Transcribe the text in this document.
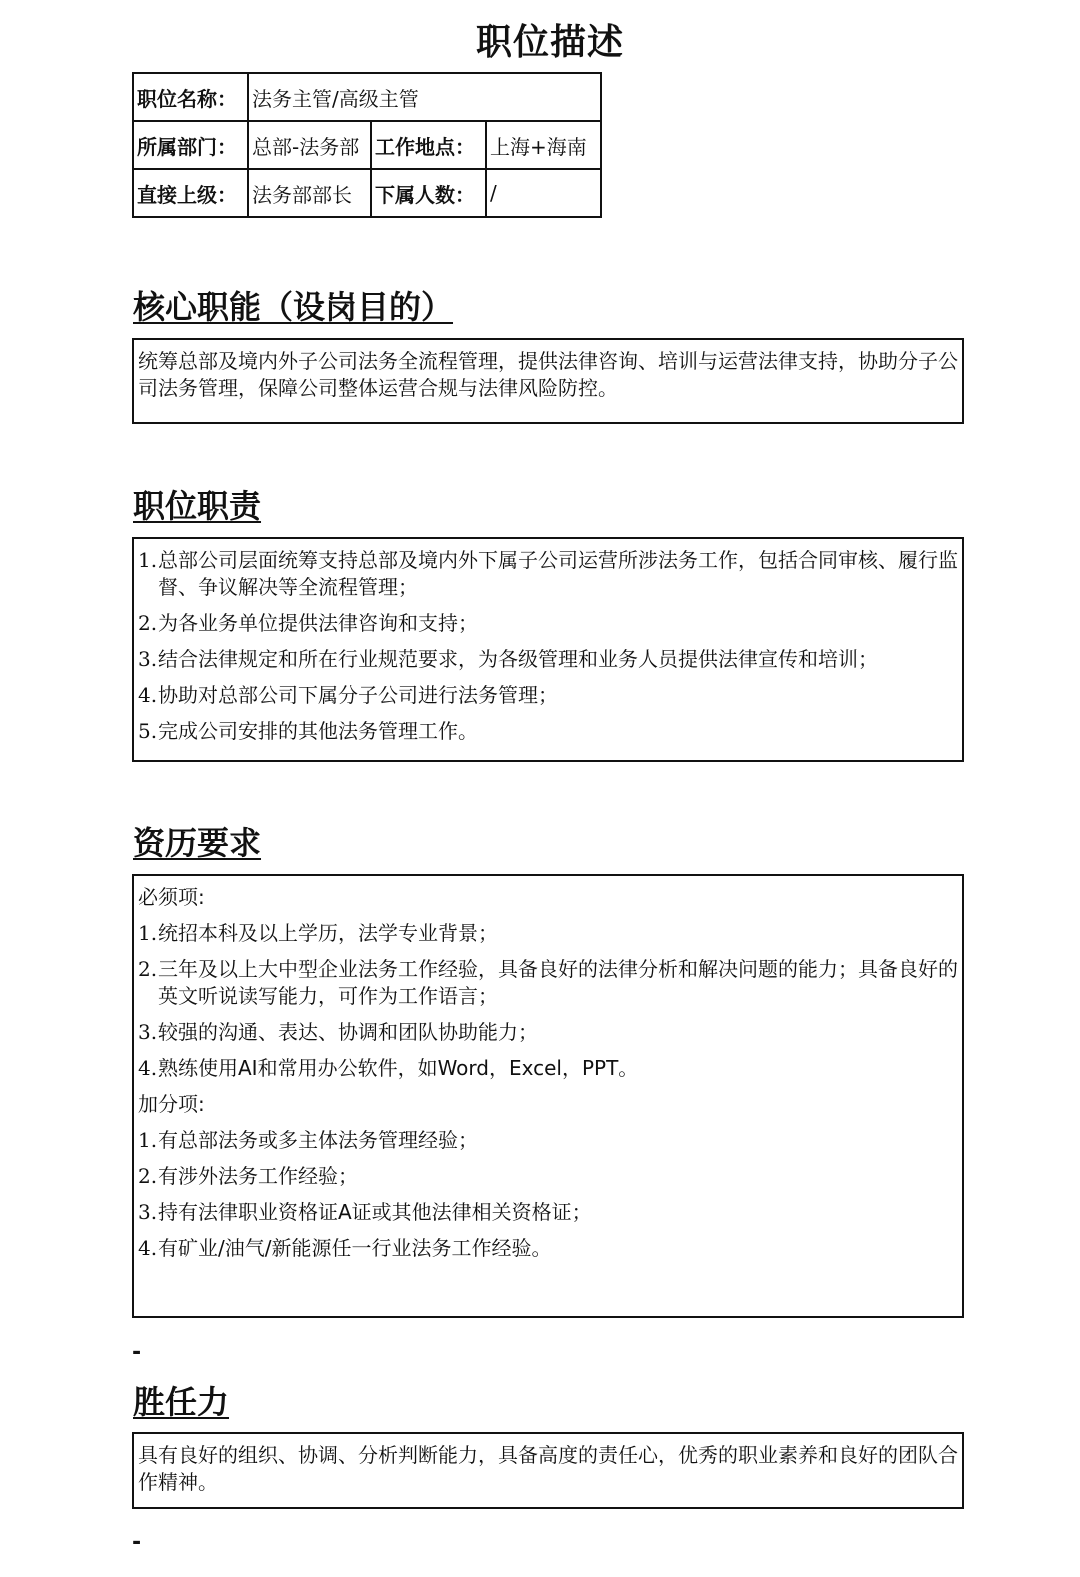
职位描述
职位名称：	法务主管/高级主管		
所属部门：	总部-法务部	工作地点：	上海+海南
直接上级：	法务部部长	下属人数：	/
核心职能（设岗目的）

统筹总部及境内外子公司法务全流程管理，提供法律咨询、培训与运营法律支持，协助分子公司法务管理，保障公司整体运营合规与法律风险防控。

职位职责
1. 总部公司层面统筹支持总部及境内外下属子公司运营所涉法务工作，包括合同审核、履行监督、争议解决等全流程管理；
2. 为各业务单位提供法律咨询和支持；
3. 结合法律规定和所在行业规范要求，为各级管理和业务人员提供法律宣传和培训；
4. 协助对总部公司下属分子公司进行法务管理；
5. 完成公司安排的其他法务管理工作。
资历要求
必须项:
1. 统招本科及以上学历，法学专业背景；
2. 三年及以上大中型企业法务工作经验，具备良好的法律分析和解决问题的能力；具备良好的英文听说读写能力，可作为工作语言；
3. 较强的沟通、表达、协调和团队协助能力；
4. 熟练使用AI和常用办公软件，如Word，Excel，PPT。
加分项:
1. 有总部法务或多主体法务管理经验；
2. 有涉外法务工作经验；
3. 持有法律职业资格证A证或其他法律相关资格证；
4. 有矿业/油气/新能源任一行业法务工作经验。
-
胜任力

具有良好的组织、协调、分析判断能力，具备高度的责任心，优秀的职业素养和良好的团队合作精神。

-
